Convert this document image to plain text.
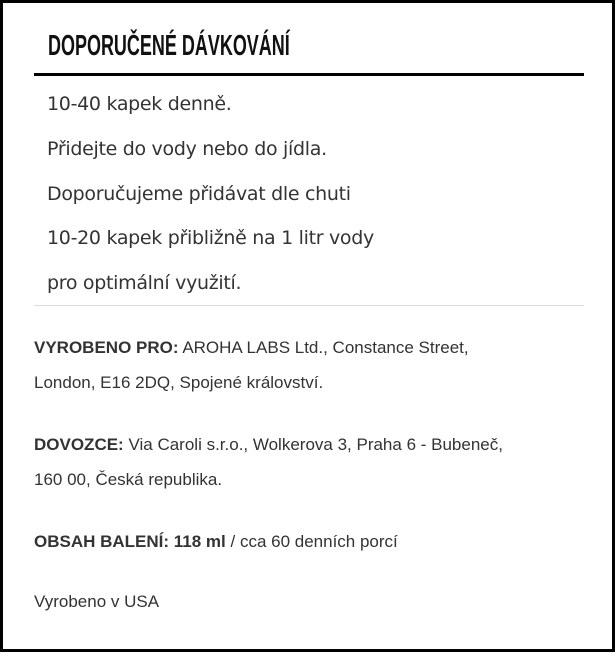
DOPORUČENÉ DÁVKOVÁNÍ
10-40 kapek denně.
Přidejte do vody nebo do jídla.
Doporučujeme přidávat dle chuti
10-20 kapek přibližně na 1 litr vody
pro optimální využití.
VYROBENO PRO: AROHA LABS Ltd., Constance Street,
London, E16 2DQ, Spojené království.
DOVOZCE: Via Caroli s.r.o., Wolkerova 3, Praha 6 - Bubeneč,
160 00, Česká republika.
OBSAH BALENÍ: 118 ml / cca 60 denních porcí
Vyrobeno v USA
